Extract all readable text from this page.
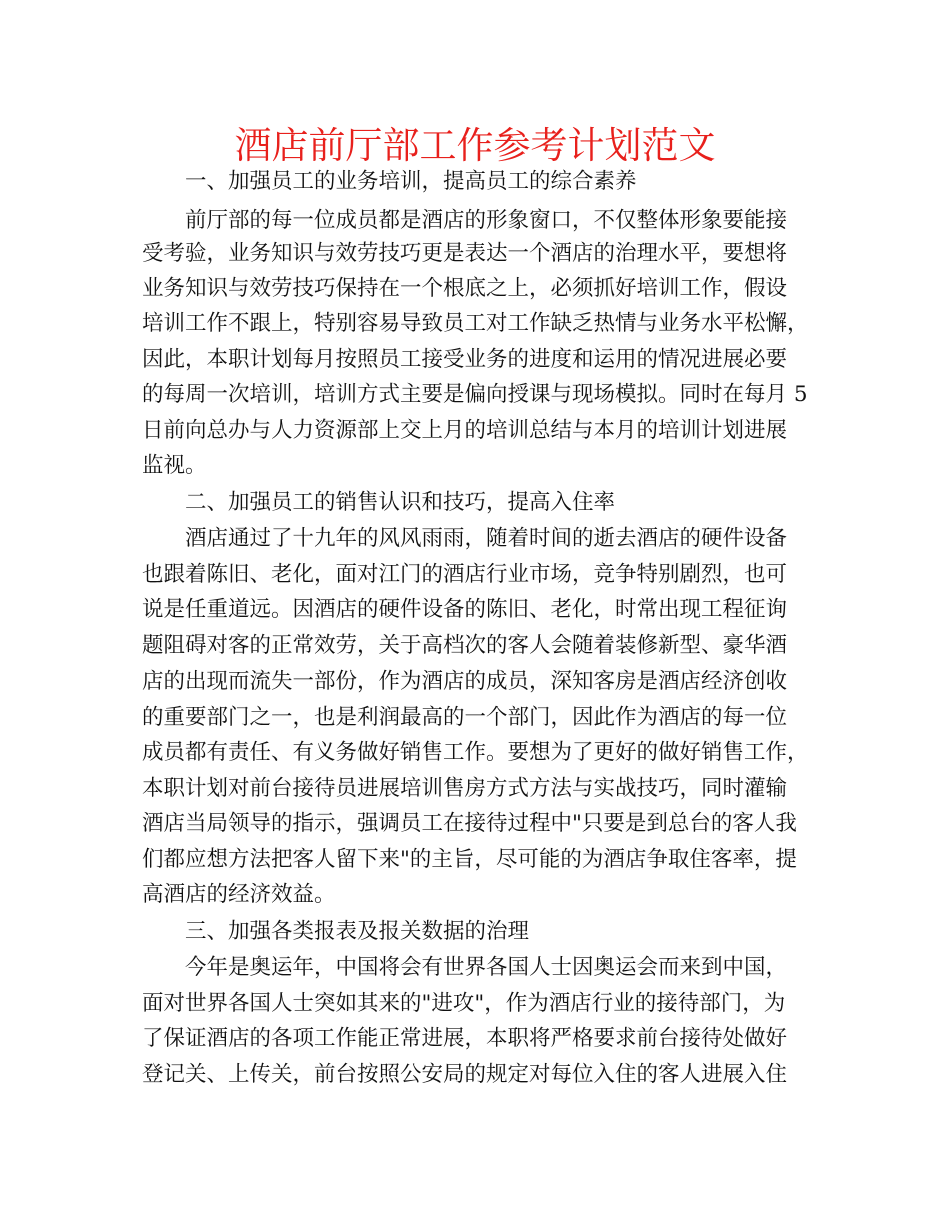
酒店前厅部工作参考计划范文

一、加强员工的业务培训，提高员工的综合素养

前厅部的每一位成员都是酒店的形象窗口，不仅整体形象要能接

受考验，业务知识与效劳技巧更是表达一个酒店的治理水平，要想将

业务知识与效劳技巧保持在一个根底之上，必须抓好培训工作，假设

培训工作不跟上，特别容易导致员工对工作缺乏热情与业务水平松懈，

因此，本职计划每月按照员工接受业务的进度和运用的情况进展必要

的每周一次培训，培训方式主要是偏向授课与现场模拟。同时在每月 5

日前向总办与人力资源部上交上月的培训总结与本月的培训计划进展

监视。

二、加强员工的销售认识和技巧，提高入住率

酒店通过了十九年的风风雨雨，随着时间的逝去酒店的硬件设备

也跟着陈旧、老化，面对江门的酒店行业市场，竞争特别剧烈，也可

说是任重道远。因酒店的硬件设备的陈旧、老化，时常出现工程征询

题阻碍对客的正常效劳，关于高档次的客人会随着装修新型、豪华酒

店的出现而流失一部份，作为酒店的成员，深知客房是酒店经济创收

的重要部门之一，也是利润最高的一个部门，因此作为酒店的每一位

成员都有责任、有义务做好销售工作。要想为了更好的做好销售工作，

本职计划对前台接待员进展培训售房方式方法与实战技巧，同时灌输

酒店当局领导的指示，强调员工在接待过程中"只要是到总台的客人我

们都应想方法把客人留下来"的主旨，尽可能的为酒店争取住客率，提

高酒店的经济效益。

三、加强各类报表及报关数据的治理

今年是奥运年，中国将会有世界各国人士因奥运会而来到中国，

面对世界各国人士突如其来的"进攻"，作为酒店行业的接待部门，为

了保证酒店的各项工作能正常进展，本职将严格要求前台接待处做好

登记关、上传关，前台按照公安局的规定对每位入住的客人进展入住
